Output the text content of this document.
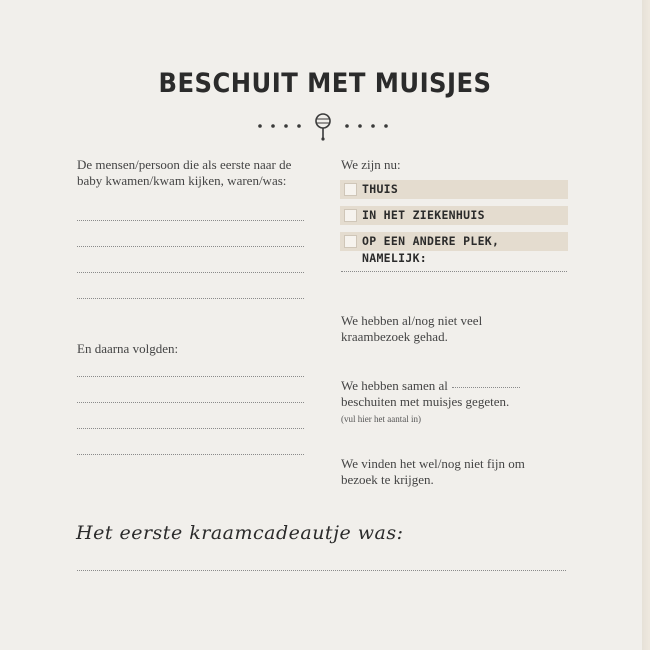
BESCHUIT MET MUISJES
De mensen/persoon die als eerste naar de baby kwamen/kwam kijken, waren/was:
En daarna volgden:
We zijn nu:
THUIS
IN HET ZIEKENHUIS
OP EEN ANDERE PLEK, NAMELIJK:
We hebben al/nog niet veel kraambezoek gehad.
We hebben samen al
beschuiten met muisjes gegeten.
(vul hier het aantal in)
We vinden het wel/nog niet fijn om bezoek te krijgen.
Het eerste kraamcadeautje was:
